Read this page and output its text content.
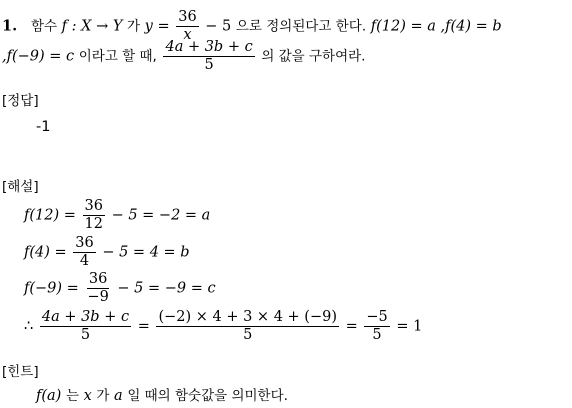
1. 함수 f : X → Y 가 $y = \frac{36}{x} - 5$ 으로 정의된다고 한다. f(12) = a ,f(4) = b
,f(−9) = c 이라고 할 때, $\frac{4a + 3b + c}{5}$ 의 값을 구하여라.
[정답]
-1
[해설]
$f(12) = \frac{36}{12} - 5 = -2 = a$
$f(4) = \frac{36}{4} - 5 = 4 = b$
$f(-9) = \frac{36}{-9} - 5 = -9 = c$
∴ $\frac{4a + 3b + c}{5} = \frac{(-2) \times 4 + 3 \times 4 + (-9)}{5} = \frac{-5}{5} = 1$
[힌트]
f(a) 는 x 가 a 일 때의 함숫값을 의미한다.
